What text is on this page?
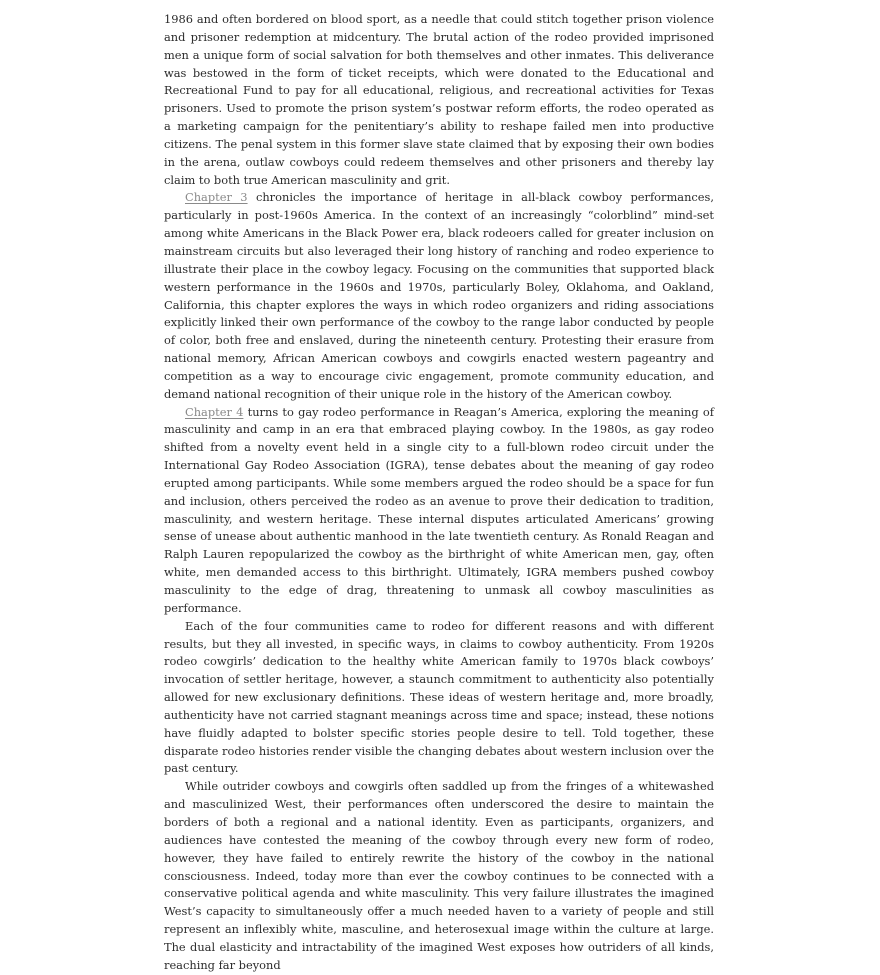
1986 and often bordered on blood sport, as a needle that could stitch together prison violence and prisoner redemption at midcentury. The brutal action of the rodeo provided imprisoned men a unique form of social salvation for both themselves and other inmates. This deliverance was bestowed in the form of ticket receipts, which were donated to the Educational and Recreational Fund to pay for all educational, religious, and recreational activities for Texas prisoners. Used to promote the prison system’s postwar reform efforts, the rodeo operated as a marketing campaign for the penitentiary’s ability to reshape failed men into productive citizens. The penal system in this former slave state claimed that by exposing their own bodies in the arena, outlaw cowboys could redeem themselves and other prisoners and thereby lay claim to both true American masculinity and grit.

Chapter 3 chronicles the importance of heritage in all-black cowboy performances, particularly in post-1960s America. In the context of an increasingly “colorblind” mind-set among white Americans in the Black Power era, black rodeoers called for greater inclusion on mainstream circuits but also leveraged their long history of ranching and rodeo experience to illustrate their place in the cowboy legacy. Focusing on the communities that supported black western performance in the 1960s and 1970s, particularly Boley, Oklahoma, and Oakland, California, this chapter explores the ways in which rodeo organizers and riding associations explicitly linked their own performance of the cowboy to the range labor conducted by people of color, both free and enslaved, during the nineteenth century. Protesting their erasure from national memory, African American cowboys and cowgirls enacted western pageantry and competition as a way to encourage civic engagement, promote community education, and demand national recognition of their unique role in the history of the American cowboy.

Chapter 4 turns to gay rodeo performance in Reagan’s America, exploring the meaning of masculinity and camp in an era that embraced playing cowboy. In the 1980s, as gay rodeo shifted from a novelty event held in a single city to a full-blown rodeo circuit under the International Gay Rodeo Association (IGRA), tense debates about the meaning of gay rodeo erupted among participants. While some members argued the rodeo should be a space for fun and inclusion, others perceived the rodeo as an avenue to prove their dedication to tradition, masculinity, and western heritage. These internal disputes articulated Americans’ growing sense of unease about authentic manhood in the late twentieth century. As Ronald Reagan and Ralph Lauren repopularized the cowboy as the birthright of white American men, gay, often white, men demanded access to this birthright. Ultimately, IGRA members pushed cowboy masculinity to the edge of drag, threatening to unmask all cowboy masculinities as performance.

Each of the four communities came to rodeo for different reasons and with different results, but they all invested, in specific ways, in claims to cowboy authenticity. From 1920s rodeo cowgirls’ dedication to the healthy white American family to 1970s black cowboys’ invocation of settler heritage, however, a staunch commitment to authenticity also potentially allowed for new exclusionary definitions. These ideas of western heritage and, more broadly, authenticity have not carried stagnant meanings across time and space; instead, these notions have fluidly adapted to bolster specific stories people desire to tell. Told together, these disparate rodeo histories render visible the changing debates about western inclusion over the past century.

While outrider cowboys and cowgirls often saddled up from the fringes of a whitewashed and masculinized West, their performances often underscored the desire to maintain the borders of both a regional and a national identity. Even as participants, organizers, and audiences have contested the meaning of the cowboy through every new form of rodeo, however, they have failed to entirely rewrite the history of the cowboy in the national consciousness. Indeed, today more than ever the cowboy continues to be connected with a conservative political agenda and white masculinity. This very failure illustrates the imagined West’s capacity to simultaneously offer a much needed haven to a variety of people and still represent an inflexibly white, masculine, and heterosexual image within the culture at large. The dual elasticity and intractability of the imagined West exposes how outriders of all kinds, reaching far beyond
